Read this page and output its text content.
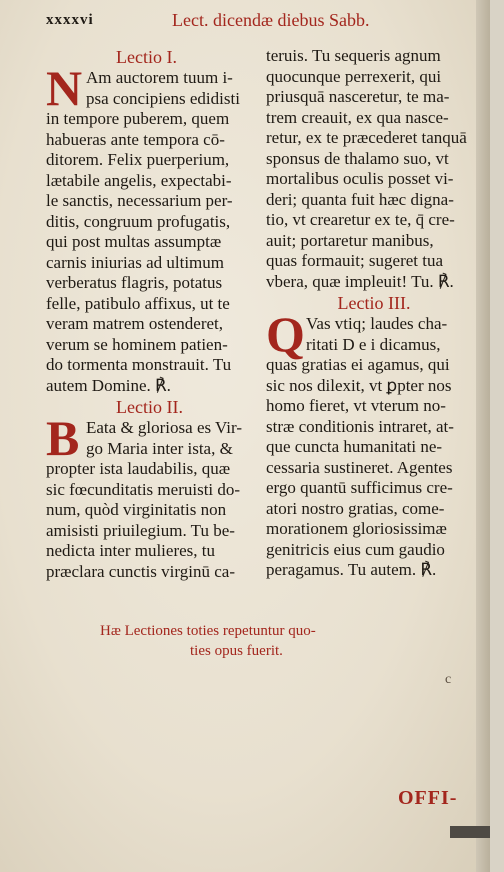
xxxxvi	Lect. dicendæ diebus Sabb.
Lectio I.
N Am auctorem tuum i-
psa concipiens edidisti
in tempore puberem, quem
habueras ante tempora cō-
ditorem. Felix puerperium,
lætabile angelis, expectabi-
le sanctis, necessarium per-
ditis, congruum profugatis,
qui post multas assumptæ
carnis iniurias ad ultimum
verberatus flagris, potatus
felle, patibulo affixus, ut te
veram matrem ostenderet,
verum se hominem patien-
do tormenta monstrauit. Tu
autem Domine. ℟.
Lectio II.
B Eata & gloriosa es Vir-
go Maria inter ista, &
propter ista laudabilis, quæ
sic fœcunditatis meruisti do-
num, quòd virginitatis non
amisisti priuilegium. Tu be-
nedicta inter mulieres, tu
præclara cunctis virginū ca-
teruis. Tu sequeris agnum
quocunque perrexerit, qui
priusquā nasceretur, te ma-
trem creauit, ex qua nasce-
retur, ex te præcederet tanquā
sponsus de thalamo suo, vt
mortalibus oculis posset vi-
deri; quanta fuit hæc digna-
tio, vt crearetur ex te, q̄ cre-
auit; portaretur manibus,
quas formauit; sugeret tua
vbera, quæ impleuit! Tu. ℟.
Lectio III.
Q Vas vtiq; laudes cha-
ritati D e i dicamus,
quas gratias ei agamus, qui
sic nos dilexit, vt ꝑpter nos
homo fieret, vt vterum no-
stræ conditionis intraret, at-
que cuncta humanitati ne-
cessaria sustineret. Agentes
ergo quantū sufficimus cre-
atori nostro gratias, come-
morationem gloriosissimæ
genitricis eius cum gaudio
peragamus. Tu autem. ℟.
Hæ Lectiones toties repetuntur quo-
ties opus fuerit.
c
OFFI-
